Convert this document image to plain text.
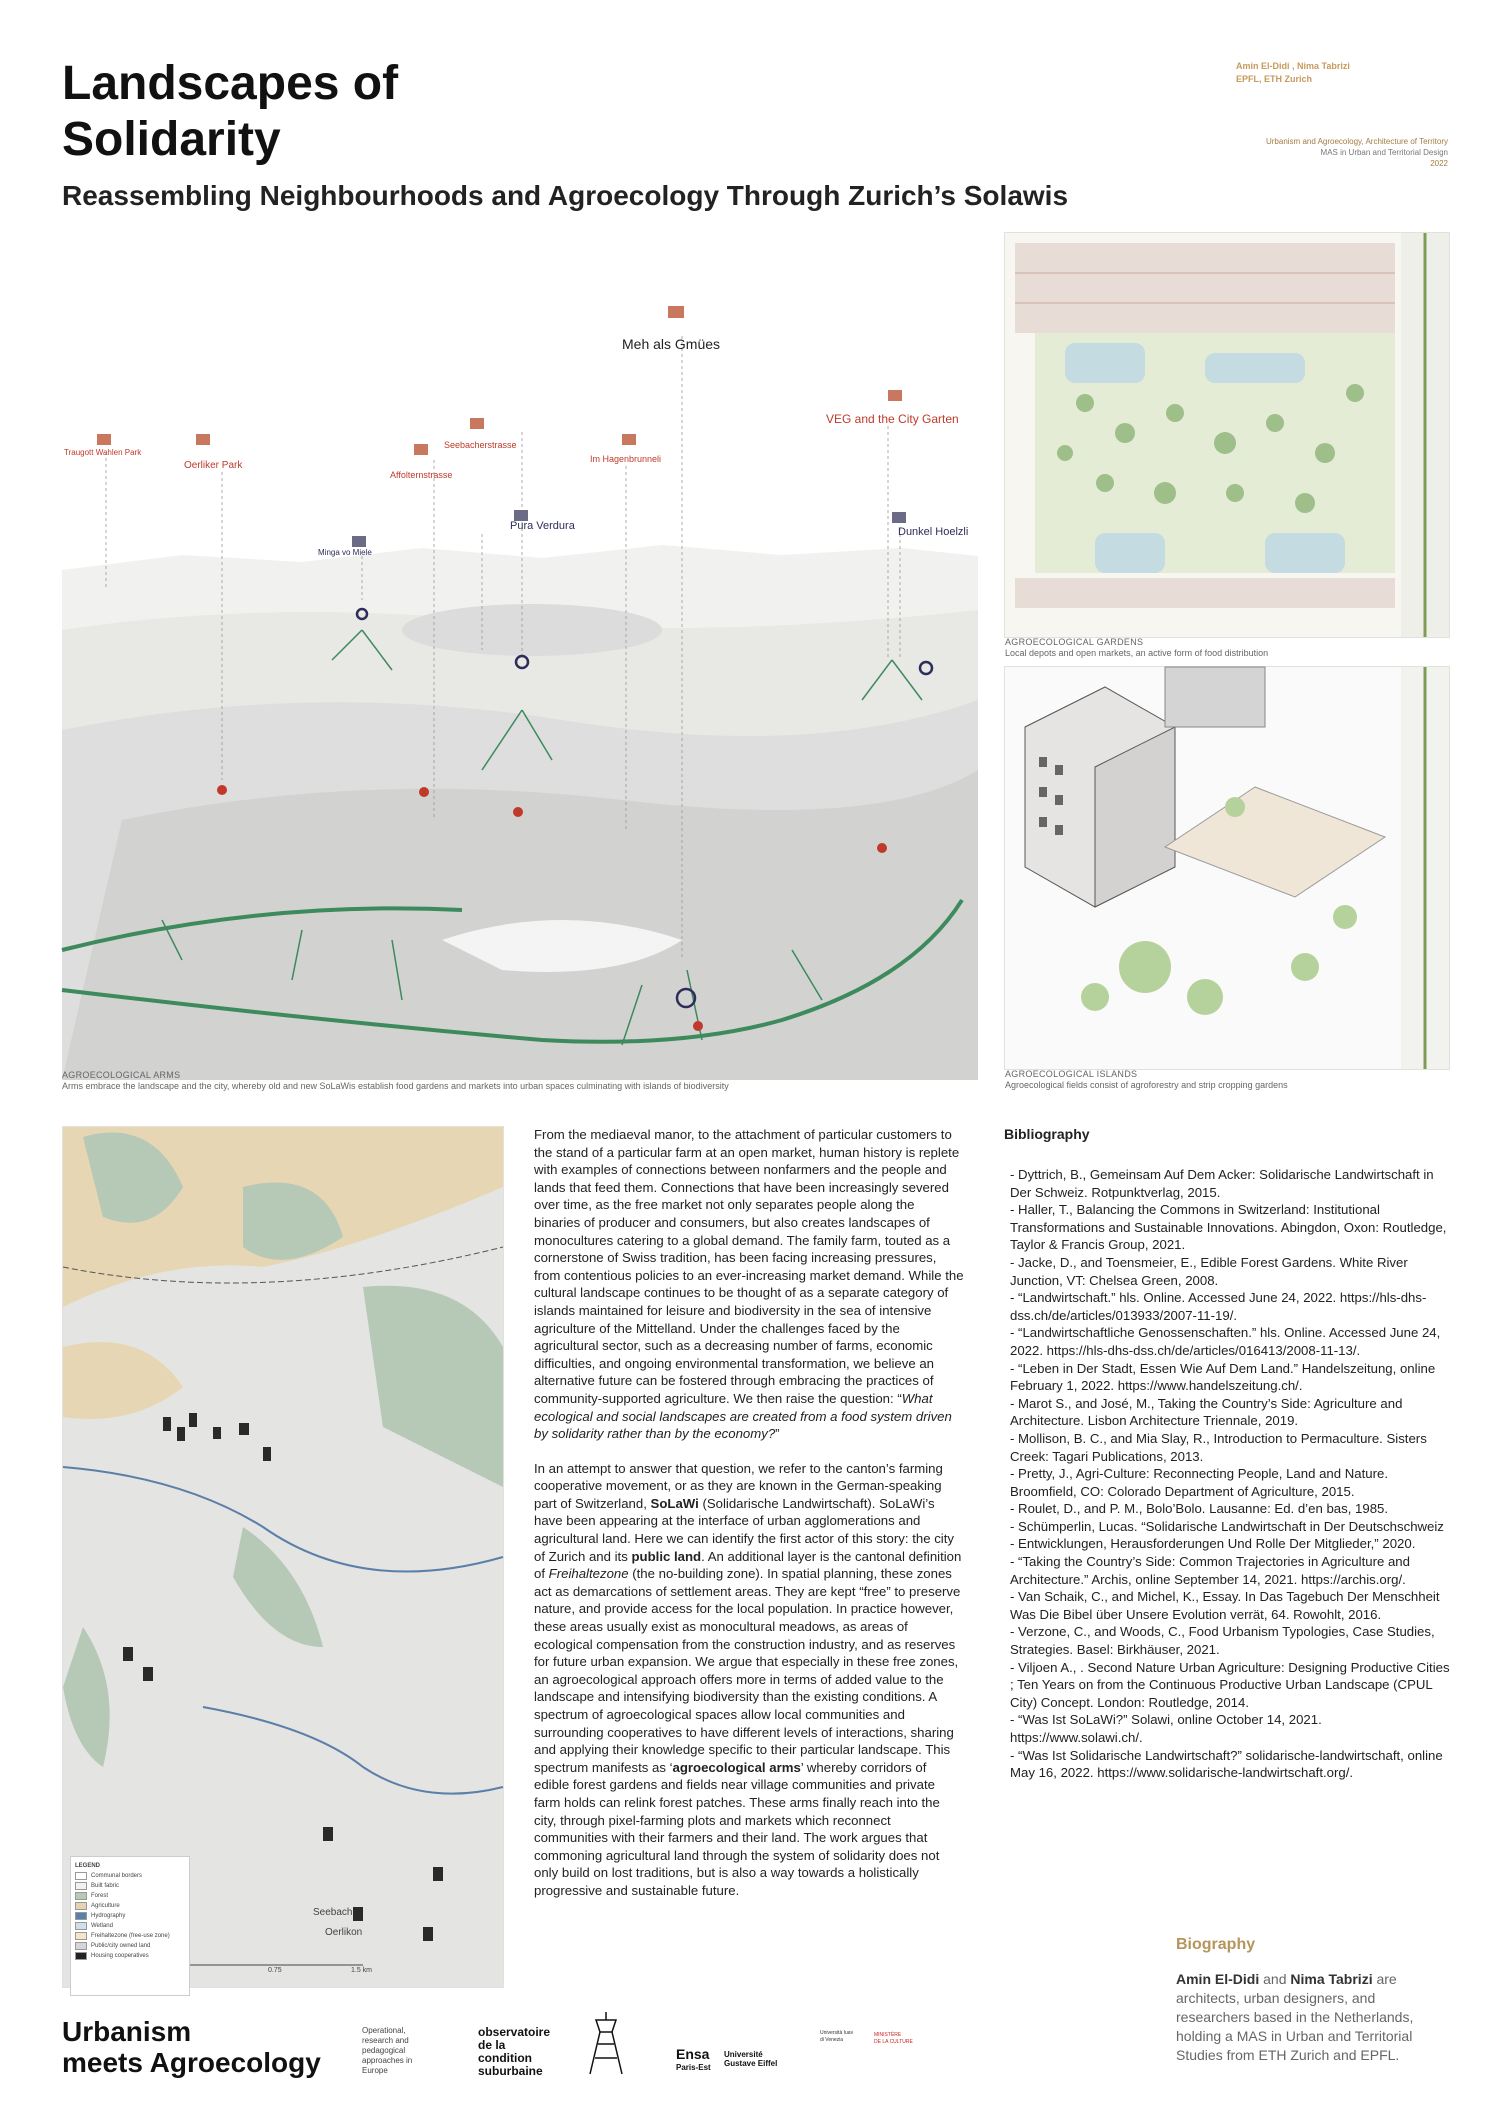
Landscapes of
Solidarity
Reassembling Neighbourhoods and Agroecology Through Zurich’s Solawis
Amin El-Didi , Nima Tabrizi
EPFL, ETH Zurich
Urbanism and Agroecology, Architecture of Territory
MAS in Urban and Territorial Design
2022
Meh als Gmües
Traugott Wahlen Park
Oerliker Park
Affolternstrasse
Seebacherstrasse
Im Hagenbrunneli
VEG and the City Garten
Minga vo Miele
Pura Verdura	Dunkel Hoelzli
AGROECOLOGICAL ARMS
Arms embrace the landscape and the city, whereby old and new SoLaWis establish food gardens and markets into urban spaces culminating with islands of biodiversity
AGROECOLOGICAL GARDENS
Local depots and open markets, an active form of food distribution
AGROECOLOGICAL ISLANDS
Agroecological fields consist of agroforestry and strip cropping gardens
Seebach
Oerlikon
0.75	1.5 km
LEGEND
Communal borders
Built fabric
Forest
Agriculture
Hydrography
Wetland
Freihaltezone (free-use zone)
Public/city owned land
Housing cooperatives

From the mediaeval manor, to the attachment of particular customers to the stand of a particular farm at an open market, human history is replete with examples of connections between nonfarmers and the people and lands that feed them. Connections that have been increasingly severed over time, as the free market not only separates people along the binaries of producer and consumers, but also creates landscapes of monocultures catering to a global demand. The family farm, touted as a cornerstone of Swiss tradition, has been facing increasing pressures, from contentious policies to an ever-increasing market demand. While the cultural landscape continues to be thought of as a separate category of islands maintained for leisure and biodiversity in the sea of intensive agriculture of the Mittelland. Under the challenges faced by the agricultural sector, such as a decreasing number of farms, economic difficulties, and ongoing environmental transformation, we believe an alternative future can be fostered through embracing the practices of community-supported agriculture. We then raise the question: “What ecological and social landscapes are created from a food system driven by solidarity rather than by the economy?”

In an attempt to answer that question, we refer to the canton’s farming cooperative movement, or as they are known in the German-speaking part of Switzerland, SoLaWi (Solidarische Landwirtschaft). SoLaWi’s have been appearing at the interface of urban agglomerations and agricultural land. Here we can identify the first actor of this story: the city of Zurich and its public land. An additional layer is the cantonal definition of Freihaltezone (the no-building zone). In spatial planning, these zones act as demarcations of settlement areas. They are kept “free” to preserve nature, and provide access for the local population. In practice however, these areas usually exist as monocultural meadows, as areas of ecological compensation from the construction industry, and as reserves for future urban expansion. We argue that especially in these free zones, an agroecological approach offers more in terms of added value to the landscape and intensifying biodiversity than the existing conditions. A spectrum of agroecological spaces allow local communities and surrounding cooperatives to have different levels of interactions, sharing and applying their knowledge specific to their particular landscape. This spectrum manifests as ‘agroecological arms’ whereby corridors of edible forest gardens and fields near village communities and private farm holds can relink forest patches. These arms finally reach into the city, through pixel-farming plots and markets which reconnect communities with their farmers and their land. The work argues that commoning agricultural land through the system of solidarity does not only build on lost traditions, but is also a way towards a holistically progressive and sustainable future.

Bibliography
- Dyttrich, B., Gemeinsam Auf Dem Acker: Solidarische Landwirtschaft in Der Schweiz. Rotpunktverlag, 2015.
- Haller, T., Balancing the Commons in Switzerland: Institutional Transformations and Sustainable Innovations. Abingdon, Oxon: Routledge, Taylor & Francis Group, 2021.
- Jacke, D., and Toensmeier, E., Edible Forest Gardens. White River Junction, VT: Chelsea Green, 2008.
- “Landwirtschaft.” hls. Online. Accessed June 24, 2022. https://hls-dhs-dss.ch/de/articles/013933/2007-11-19/.
- “Landwirtschaftliche Genossenschaften.” hls. Online. Accessed June 24, 2022. https://hls-dhs-dss.ch/de/articles/016413/2008-11-13/.
- “Leben in Der Stadt, Essen Wie Auf Dem Land.” Handelszeitung, online February 1, 2022. https://www.handelszeitung.ch/.
- Marot S., and José, M., Taking the Country’s Side: Agriculture and Architecture. Lisbon Architecture Triennale, 2019.
- Mollison, B. C., and Mia Slay, R., Introduction to Permaculture. Sisters Creek: Tagari Publications, 2013.
- Pretty, J., Agri-Culture: Reconnecting People, Land and Nature. Broomfield, CO: Colorado Department of Agriculture, 2015.
- Roulet, D., and P. M., Bolo’Bolo. Lausanne: Ed. d’en bas, 1985.
- Schümperlin, Lucas. “Solidarische Landwirtschaft in Der Deutschschweiz - Entwicklungen, Herausforderungen Und Rolle Der Mitglieder,” 2020.
- “Taking the Country’s Side: Common Trajectories in Agriculture and Architecture.” Archis, online September 14, 2021. https://archis.org/.
- Van Schaik, C., and Michel, K., Essay. In Das Tagebuch Der Menschheit Was Die Bibel über Unsere Evolution verrät, 64. Rowohlt, 2016.
- Verzone, C., and Woods, C., Food Urbanism Typologies, Case Studies, Strategies. Basel: Birkhäuser, 2021.
- Viljoen A., . Second Nature Urban Agriculture: Designing Productive Cities ; Ten Years on from the Continuous Productive Urban Landscape (CPUL City) Concept. London: Routledge, 2014.
- “Was Ist SoLaWi?” Solawi, online October 14, 2021. https://www.solawi.ch/.
- “Was Ist Solidarische Landwirtschaft?” solidarische-landwirtschaft, online May 16, 2022. https://www.solidarische-landwirtschaft.org/.
Biography
Amin El-Didi and Nima Tabrizi are architects, urban designers, and researchers based in the Netherlands, holding a MAS in Urban and Territorial Studies from ETH Zurich and EPFL.
Urbanism
meets Agroecology
Operational, research and pedagogical approaches in Europe
observatoire
de la
condition
suburbaine
Ensa
Paris-Est
Université
Gustave Eiffel
Università Iuav
di Venezia
MINISTÈRE
DE LA CULTURE
